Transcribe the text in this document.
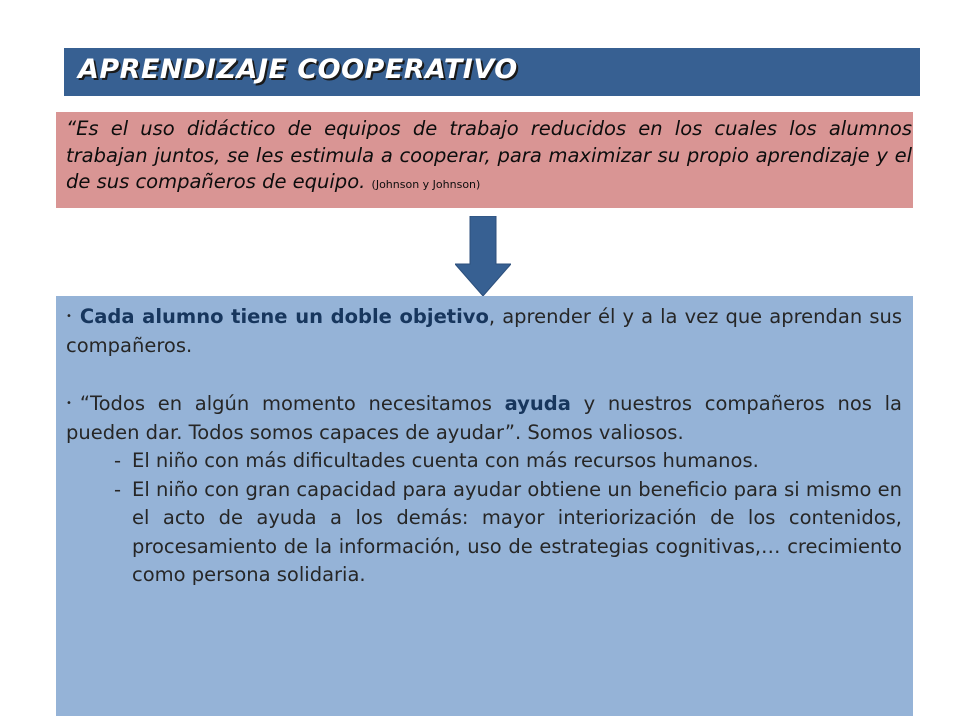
APRENDIZAJE COOPERATIVO

“Es el uso didáctico de equipos de trabajo reducidos en los cuales los alumnos trabajan juntos, se les estimula a cooperar, para maximizar su propio aprendizaje y el de sus compañeros de equipo. (Johnson y Johnson)

• Cada alumno tiene un doble objetivo, aprender él y a la vez que aprendan sus compañeros.

• “Todos en algún momento necesitamos ayuda y nuestros compañeros nos la pueden dar. Todos somos capaces de ayudar”. Somos valiosos.

- El niño con más dificultades cuenta con más recursos humanos.
- El niño con gran capacidad para ayudar obtiene un beneficio para si mismo en el acto de ayuda a los demás: mayor interiorización de los contenidos, procesamiento de la información, uso de estrategias cognitivas,… crecimiento como persona solidaria.
